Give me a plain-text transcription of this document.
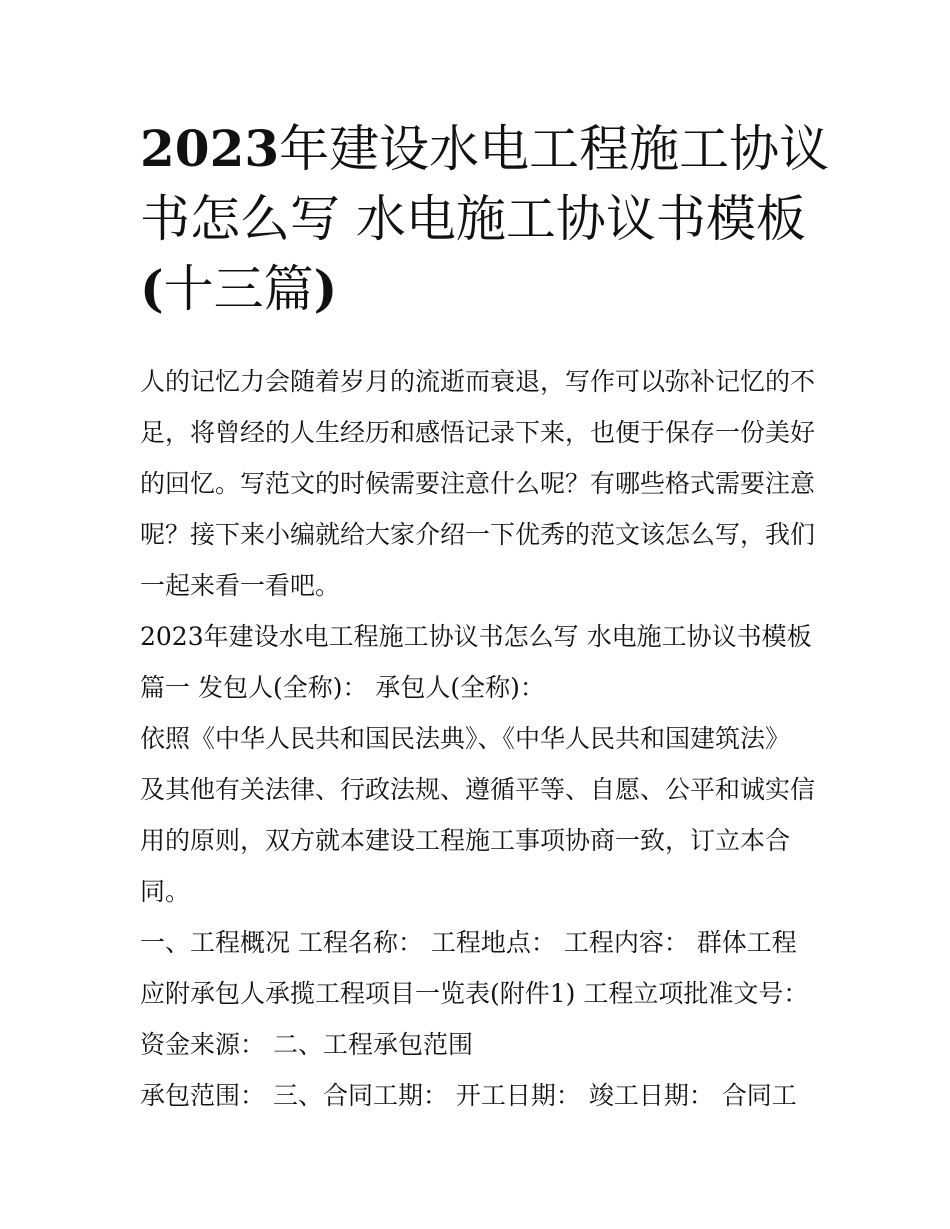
2023年建设水电工程施工协议
书怎么写 水电施工协议书模板
(十三篇)
人的记忆力会随着岁月的流逝而衰退，写作可以弥补记忆的不
足，将曾经的人生经历和感悟记录下来，也便于保存一份美好
的回忆。写范文的时候需要注意什么呢？有哪些格式需要注意
呢？接下来小编就给大家介绍一下优秀的范文该怎么写，我们
一起来看一看吧。
2023年建设水电工程施工协议书怎么写 水电施工协议书模板
篇一 发包人(全称)： 承包人(全称)：
依照《中华人民共和国民法典》、《中华人民共和国建筑法》
及其他有关法律、行政法规、遵循平等、自愿、公平和诚实信
用的原则，双方就本建设工程施工事项协商一致，订立本合
同。
一、工程概况 工程名称： 工程地点： 工程内容： 群体工程
应附承包人承揽工程项目一览表(附件1) 工程立项批准文号：
资金来源： 二、工程承包范围
承包范围： 三、合同工期： 开工日期： 竣工日期： 合同工
